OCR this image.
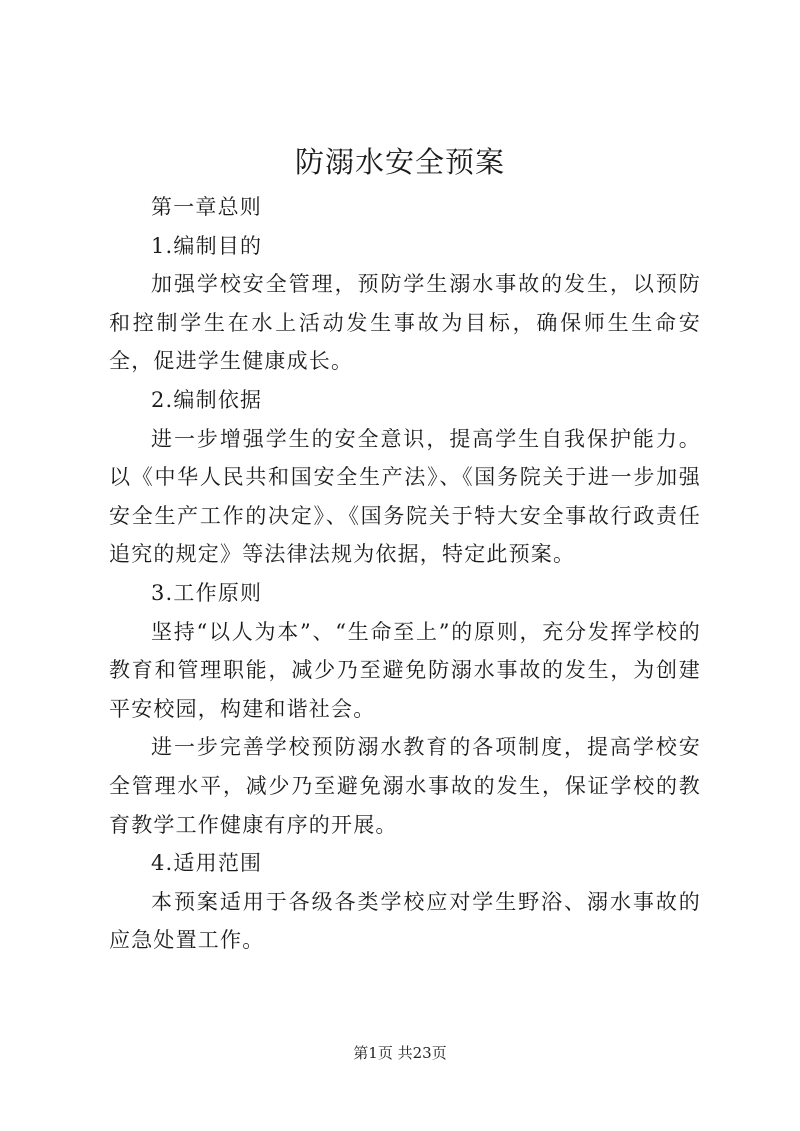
防溺水安全预案

第一章总则

1.编制目的

加强学校安全管理，预防学生溺水事故的发生，以预防和控制学生在水上活动发生事故为目标，确保师生生命安全，促进学生健康成长。

2.编制依据

进一步增强学生的安全意识，提高学生自我保护能力。以《中华人民共和国安全生产法》、《国务院关于进一步加强安全生产工作的决定》、《国务院关于特大安全事故行政责任追究的规定》等法律法规为依据，特定此预案。

3.工作原则

坚持“以人为本”、“生命至上”的原则，充分发挥学校的教育和管理职能，减少乃至避免防溺水事故的发生，为创建平安校园，构建和谐社会。

进一步完善学校预防溺水教育的各项制度，提高学校安全管理水平，减少乃至避免溺水事故的发生，保证学校的教育教学工作健康有序的开展。

4.适用范围

本预案适用于各级各类学校应对学生野浴、溺水事故的应急处置工作。

第1页 共23页
